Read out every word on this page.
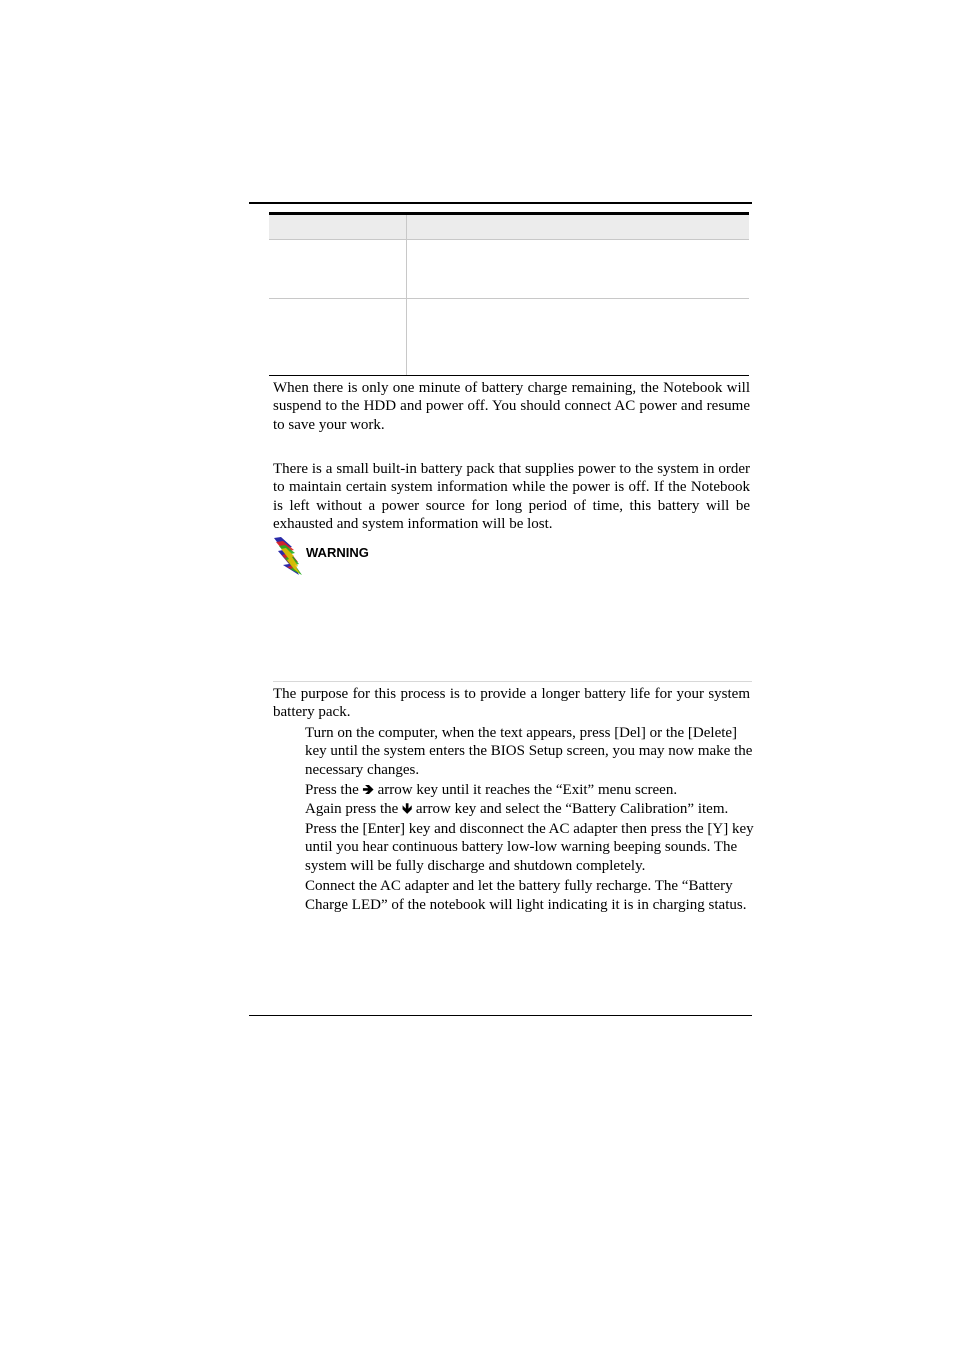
When there is only one minute of battery charge remaining, the Notebook will suspend to the HDD and power off. You should connect AC power and resume to save your work.

There is a small built-in battery pack that supplies power to the system in order to maintain certain system information while the power is off. If the Notebook is left without a power source for long period of time, this battery will be exhausted and system information will be lost.

WARNING

The purpose for this process is to provide a longer battery life for your system battery pack.

Turn on the computer, when the text appears, press [Del] or the [Delete] key until the system enters the BIOS Setup screen, you may now make the necessary changes.
Press the 🡺 arrow key until it reaches the “Exit” menu screen.
Again press the 🡻 arrow key and select the “Battery Calibration” item.
Press the [Enter] key and disconnect the AC adapter then press the [Y] key until you hear continuous battery low-low warning beeping sounds. The system will be fully discharge and shutdown completely.
Connect the AC adapter and let the battery fully recharge. The “Battery Charge LED” of the notebook will light indicating it is in charging status.
